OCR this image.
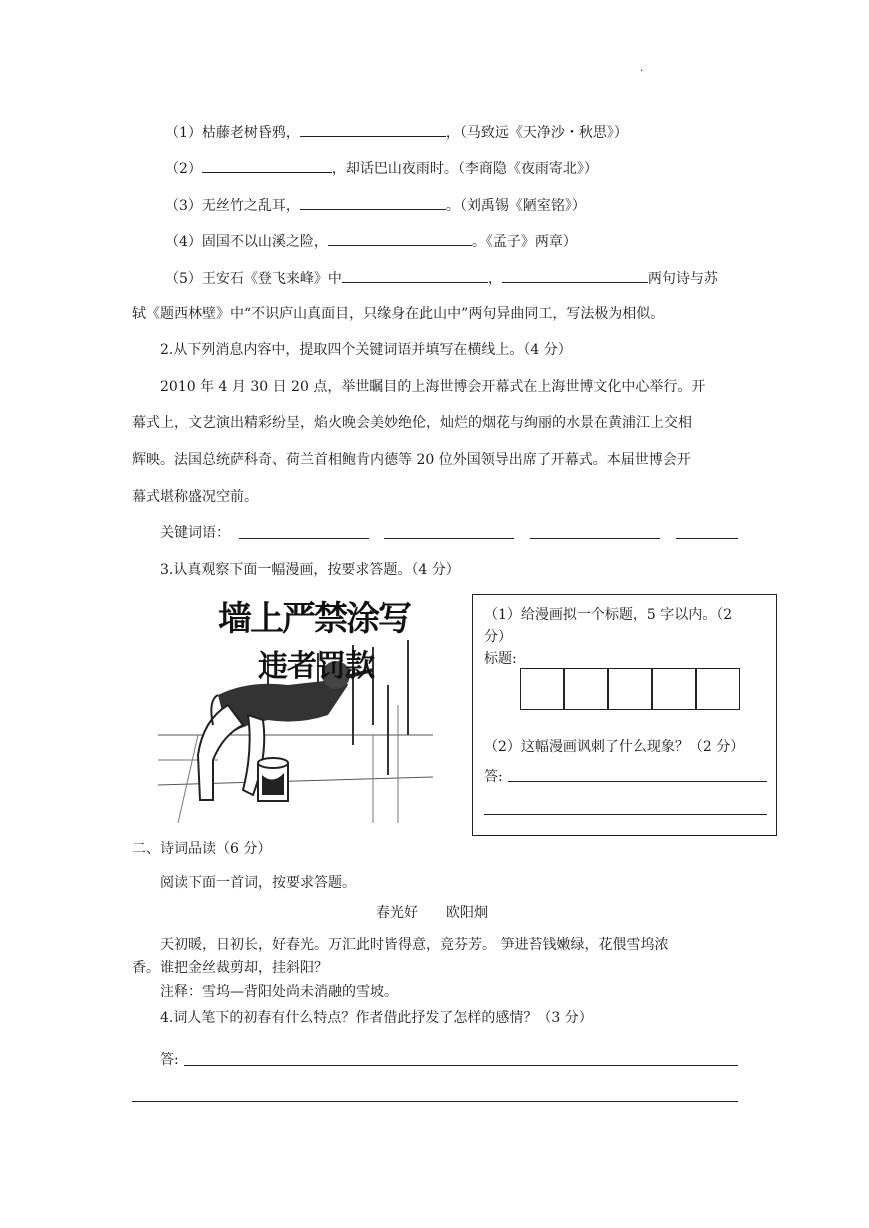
·
（1）枯藤老树昏鸦，	，（马致远《天净沙・秋思》）
（2）	，却话巴山夜雨时。（李商隐《夜雨寄北》）
（3）无丝竹之乱耳，	。（刘禹锡《陋室铭》）
（4）固国不以山溪之险，	。《孟子》两章）
（5）王安石《登飞来峰》中	，	两句诗与苏
轼《题西林壁》中“不识庐山真面目，只缘身在此山中”两句异曲同工，写法极为相似。
2.从下列消息内容中，提取四个关键词语并填写在横线上。（4 分）
2010 年 4 月 30 日 20 点，举世瞩目的上海世博会开幕式在上海世博文化中心举行。开
幕式上，文艺演出精彩纷呈，焰火晚会美妙绝伦，灿烂的烟花与绚丽的水景在黄浦江上交相
辉映。法国总统萨科奇、荷兰首相鲍肯内德等 20 位外国领导出席了开幕式。本届世博会开
幕式堪称盛况空前。
关键词语：
3.认真观察下面一幅漫画，按要求答题。（4 分）
墙上严禁涂写
违者罚款
（1）给漫画拟一个标题，5 字以内。（2
分）
标题:
（2）这幅漫画讽刺了什么现象？（2 分）
答:
二、诗词品读（6 分）
阅读下面一首词，按要求答题。
春光好 欧阳炯
天初暖，日初长，好春光。万汇此时皆得意，竞芬芳。 笋进苔钱嫩绿，花偎雪坞浓
香。谁把金丝裁剪却，挂斜阳？
注释：雪坞—背阳处尚未消融的雪坡。
4.词人笔下的初春有什么特点？作者借此抒发了怎样的感情？（3 分）
答:
